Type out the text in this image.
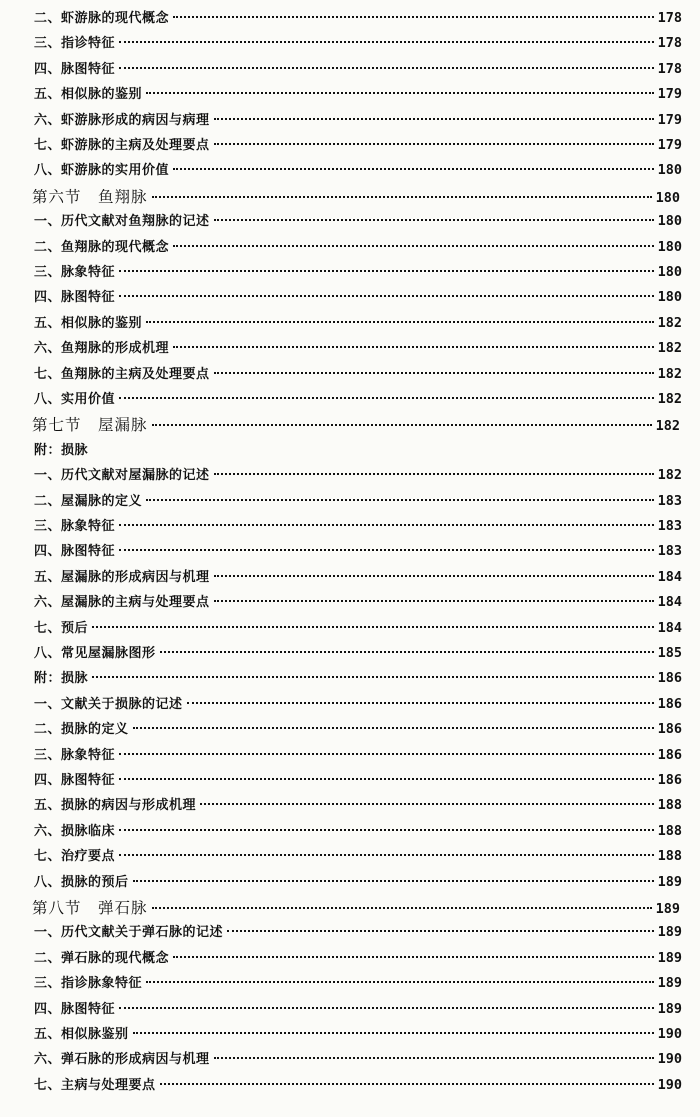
二、虾游脉的现代概念	178
三、指诊特征	178
四、脉图特征	178
五、相似脉的鉴别	179
六、虾游脉形成的病因与病理	179
七、虾游脉的主病及处理要点	179
八、虾游脉的实用价值	180
第六节　鱼翔脉	180
一、历代文献对鱼翔脉的记述	180
二、鱼翔脉的现代概念	180
三、脉象特征	180
四、脉图特征	180
五、相似脉的鉴别	182
六、鱼翔脉的形成机理	182
七、鱼翔脉的主病及处理要点	182
八、实用价值	182
第七节　屋漏脉	182
附：损脉
一、历代文献对屋漏脉的记述	182
二、屋漏脉的定义	183
三、脉象特征	183
四、脉图特征	183
五、屋漏脉的形成病因与机理	184
六、屋漏脉的主病与处理要点	184
七、预后	184
八、常见屋漏脉图形	185
附：损脉	186
一、文献关于损脉的记述	186
二、损脉的定义	186
三、脉象特征	186
四、脉图特征	186
五、损脉的病因与形成机理	188
六、损脉临床	188
七、治疗要点	188
八、损脉的预后	189
第八节　弹石脉	189
一、历代文献关于弹石脉的记述	189
二、弹石脉的现代概念	189
三、指诊脉象特征	189
四、脉图特征	189
五、相似脉鉴别	190
六、弹石脉的形成病因与机理	190
七、主病与处理要点	190
